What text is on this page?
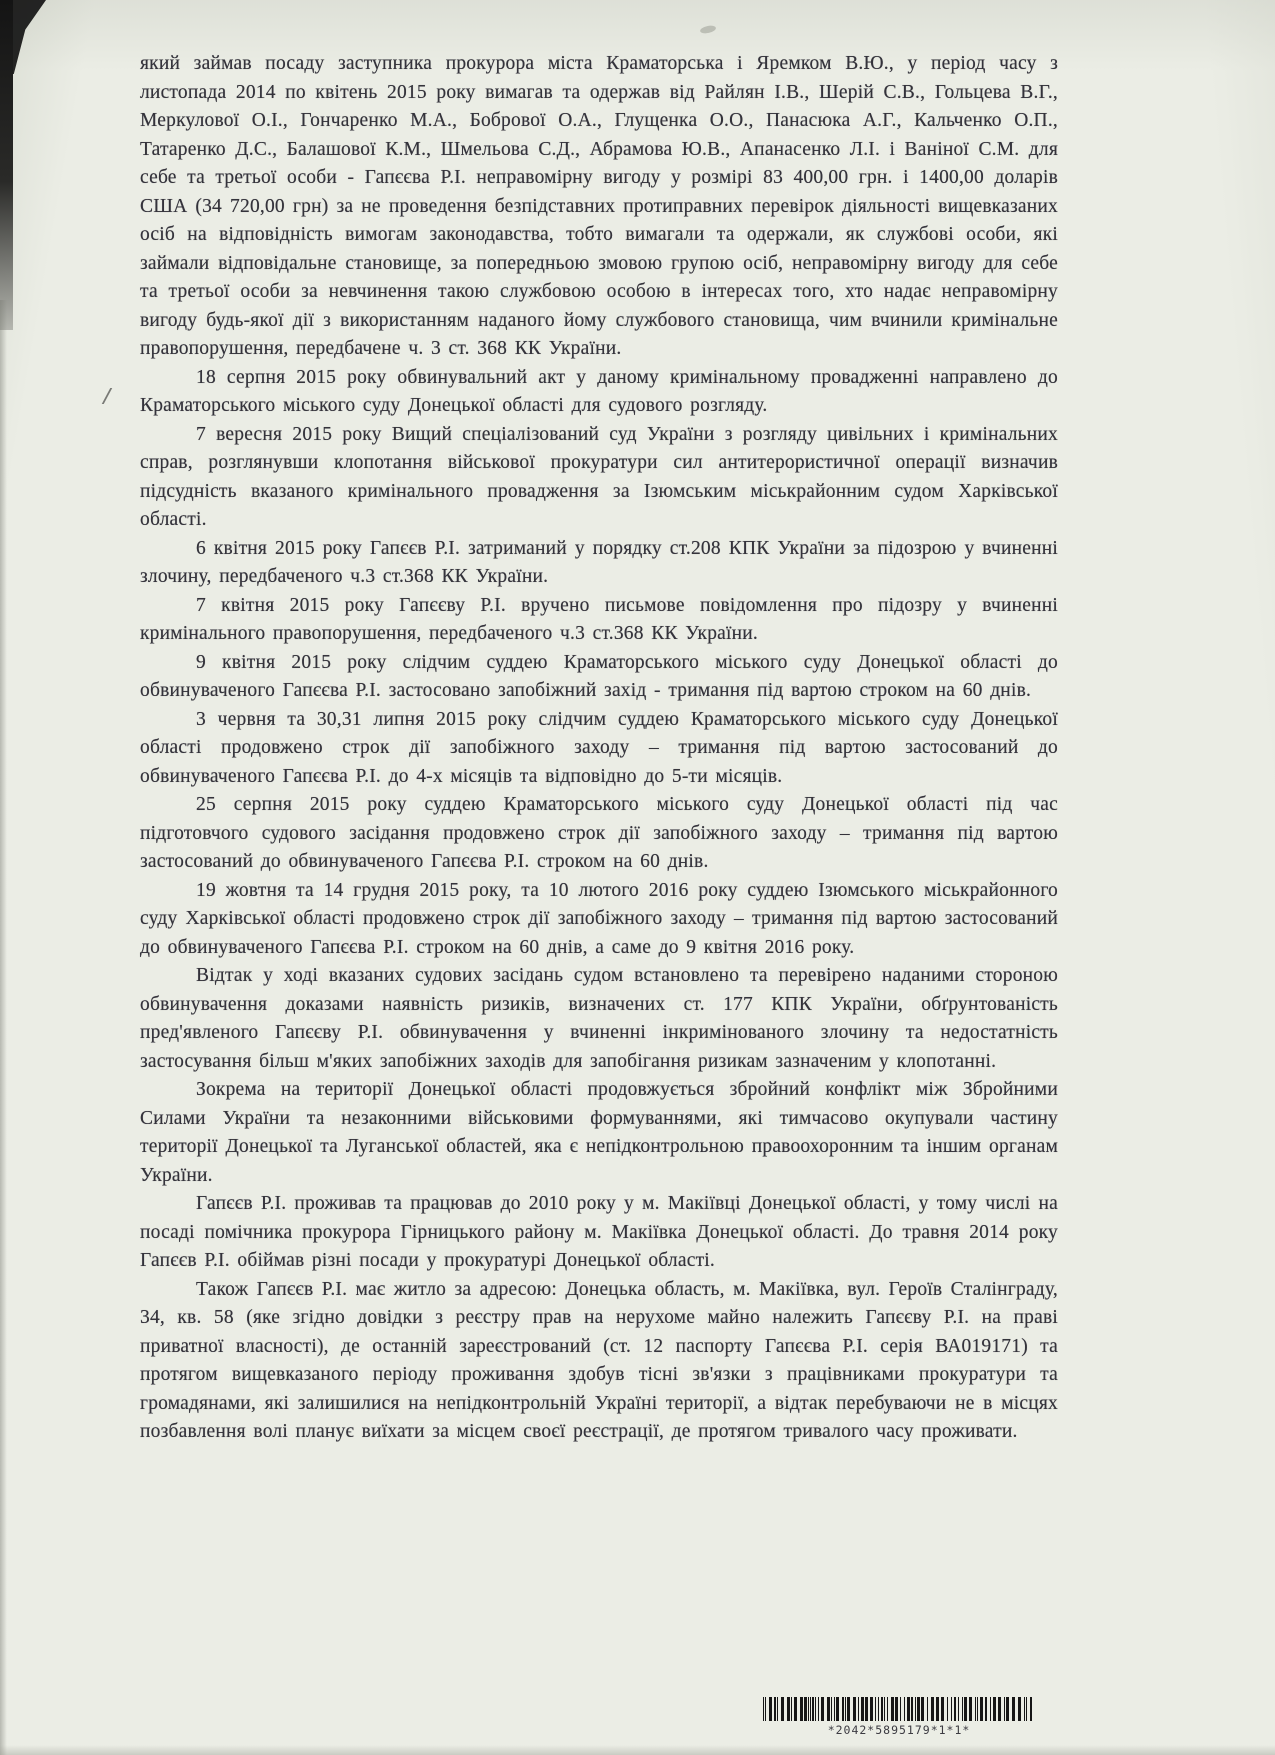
який займав посаду заступника прокурора міста Краматорська і Яремком В.Ю., у період часу з листопада 2014 по квітень 2015 року вимагав та одержав від Райлян І.В., Шерій С.В., Гольцева В.Г., Меркулової О.І., Гончаренко М.А., Бобрової О.А., Глущенка О.О., Панасюка А.Г., Кальченко О.П., Татаренко Д.С., Балашової К.М., Шмельова С.Д., Абрамова Ю.В., Апанасенко Л.І. і Ваніної С.М. для себе та третьої особи - Гапєєва Р.І. неправомірну вигоду у розмірі 83 400,00 грн. і 1400,00 доларів США (34 720,00 грн) за не проведення безпідставних протиправних перевірок діяльності вищевказаних осіб на відповідність вимогам законодавства, тобто вимагали та одержали, як службові особи, які займали відповідальне становище, за попередньою змовою групою осіб, неправомірну вигоду для себе та третьої особи за невчинення такою службовою особою в інтересах того, хто надає неправомірну вигоду будь-якої дії з використанням наданого йому службового становища, чим вчинили кримінальне правопорушення, передбачене ч. 3 ст. 368 КК України.

18 серпня 2015 року обвинувальний акт у даному кримінальному провадженні направлено до Краматорського міського суду Донецької області для судового розгляду.

7 вересня 2015 року Вищий спеціалізований суд України з розгляду цивільних і кримінальних справ, розглянувши клопотання військової прокуратури сил антитерористичної операції визначив підсудність вказаного кримінального провадження за Ізюмським міськрайонним судом Харківської області.

6 квітня 2015 року Гапєєв Р.І. затриманий у порядку ст.208 КПК України за підозрою у вчиненні злочину, передбаченого ч.3 ст.368 КК України.

7 квітня 2015 року Гапєєву Р.І. вручено письмове повідомлення про підозру у вчиненні кримінального правопорушення, передбаченого ч.3 ст.368 КК України.

9 квітня 2015 року слідчим суддею Краматорського міського суду Донецької області до обвинуваченого Гапєєва Р.І. застосовано запобіжний захід - тримання під вартою строком на 60 днів.

3 червня та 30,31 липня 2015 року слідчим суддею Краматорського міського суду Донецької області продовжено строк дії запобіжного заходу – тримання під вартою застосований до обвинуваченого Гапєєва Р.І. до 4-х місяців та відповідно до 5-ти місяців.

25 серпня 2015 року суддею Краматорського міського суду Донецької області під час підготовчого судового засідання продовжено строк дії запобіжного заходу – тримання під вартою застосований до обвинуваченого Гапєєва Р.І. строком на 60 днів.

19 жовтня та 14 грудня 2015 року, та 10 лютого 2016 року суддею Ізюмського міськрайонного суду Харківської області продовжено строк дії запобіжного заходу – тримання під вартою застосований до обвинуваченого Гапєєва Р.І. строком на 60 днів, а саме до 9 квітня 2016 року.

Відтак у ході вказаних судових засідань судом встановлено та перевірено наданими стороною обвинувачення доказами наявність ризиків, визначених ст. 177 КПК України, обґрунтованість пред'явленого Гапєєву Р.І. обвинувачення у вчиненні інкримінованого злочину та недостатність застосування більш м'яких запобіжних заходів для запобігання ризикам зазначеним у клопотанні.

Зокрема на території Донецької області продовжується збройний конфлікт між Збройними Силами України та незаконними військовими формуваннями, які тимчасово окупували частину території Донецької та Луганської областей, яка є непідконтрольною правоохоронним та іншим органам України.

Гапєєв Р.І. проживав та працював до 2010 року у м. Макіївці Донецької області, у тому числі на посаді помічника прокурора Гірницького району м. Макіївка Донецької області. До травня 2014 року Гапєєв Р.І. обіймав різні посади у прокуратурі Донецької області.

Також Гапєєв Р.І. має житло за адресою: Донецька область, м. Макіївка, вул. Героїв Сталінграду, 34, кв. 58 (яке згідно довідки з реєстру прав на нерухоме майно належить Гапєєву Р.І. на праві приватної власності), де останній зареєстрований (ст. 12 паспорту Гапєєва Р.І. серія ВА019171) та протягом вищевказаного періоду проживання здобув тісні зв'язки з працівниками прокуратури та громадянами, які залишилися на непідконтрольній Україні території, а відтак перебуваючи не в місцях позбавлення волі планує виїхати за місцем своєї реєстрації, де протягом тривалого часу проживати.

*2042*5895179*1*1*
